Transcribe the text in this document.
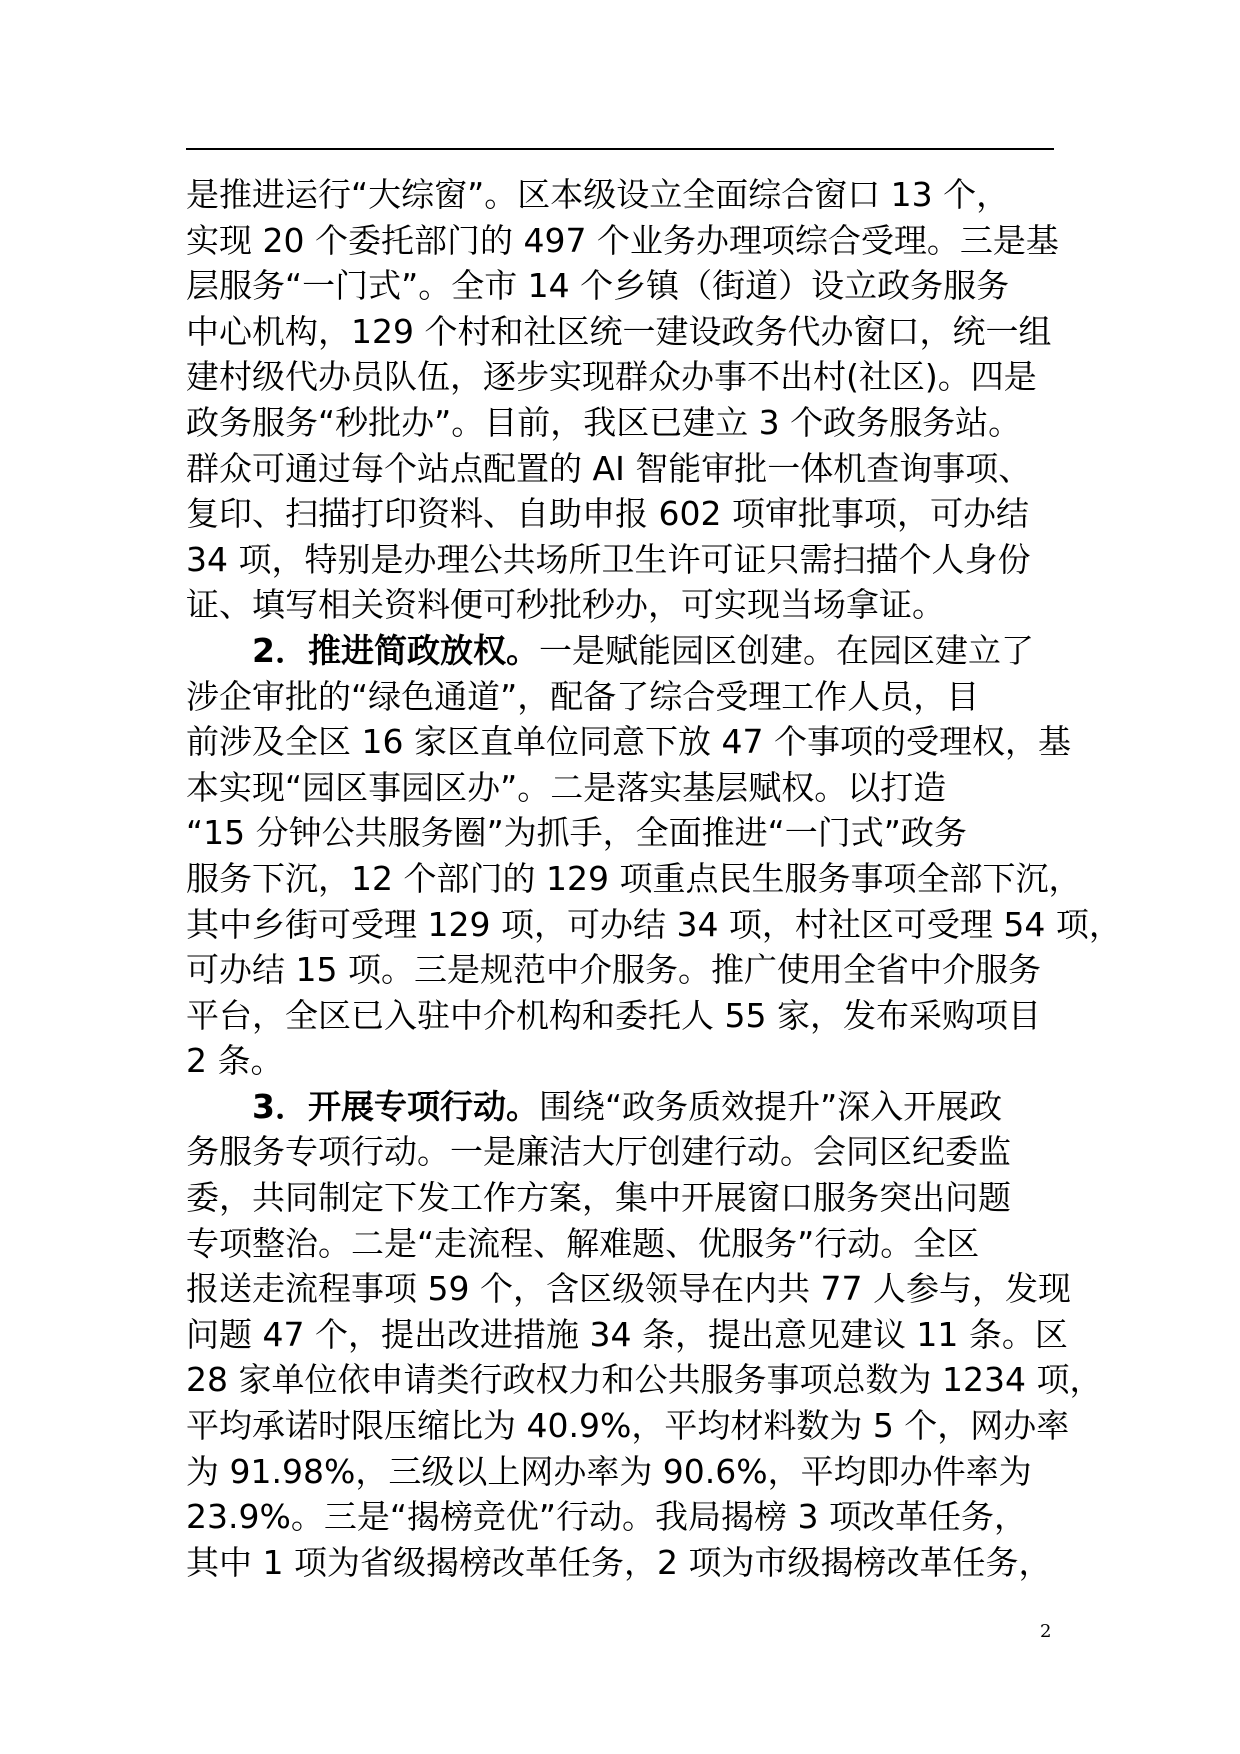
是推进运行“大综窗”。区本级设立全面综合窗口 13 个，
实现 20 个委托部门的 497 个业务办理项综合受理。三是基
层服务“一门式”。全市 14 个乡镇（街道）设立政务服务
中心机构，129 个村和社区统一建设政务代办窗口，统一组
建村级代办员队伍，逐步实现群众办事不出村(社区)。四是
政务服务“秒批办”。目前，我区已建立 3 个政务服务站。
群众可通过每个站点配置的 AI 智能审批一体机查询事项、
复印、扫描打印资料、自助申报 602 项审批事项，可办结
34 项，特别是办理公共场所卫生许可证只需扫描个人身份
证、填写相关资料便可秒批秒办，可实现当场拿证。
2．推进简政放权。一是赋能园区创建。在园区建立了
涉企审批的“绿色通道”，配备了综合受理工作人员，目
前涉及全区 16 家区直单位同意下放 47 个事项的受理权，基
本实现“园区事园区办”。二是落实基层赋权。以打造
“15 分钟公共服务圈”为抓手，全面推进“一门式”政务
服务下沉，12 个部门的 129 项重点民生服务事项全部下沉，
其中乡街可受理 129 项，可办结 34 项，村社区可受理 54 项，
可办结 15 项。三是规范中介服务。推广使用全省中介服务
平台，全区已入驻中介机构和委托人 55 家，发布采购项目
2 条。
3．开展专项行动。围绕“政务质效提升”深入开展政
务服务专项行动。一是廉洁大厅创建行动。会同区纪委监
委，共同制定下发工作方案，集中开展窗口服务突出问题
专项整治。二是“走流程、解难题、优服务”行动。全区
报送走流程事项 59 个，含区级领导在内共 77 人参与，发现
问题 47 个，提出改进措施 34 条，提出意见建议 11 条。区
28 家单位依申请类行政权力和公共服务事项总数为 1234 项，
平均承诺时限压缩比为 40.9%，平均材料数为 5 个，网办率
为 91.98%，三级以上网办率为 90.6%，平均即办件率为
23.9%。三是“揭榜竞优”行动。我局揭榜 3 项改革任务，
其中 1 项为省级揭榜改革任务，2 项为市级揭榜改革任务，
2
